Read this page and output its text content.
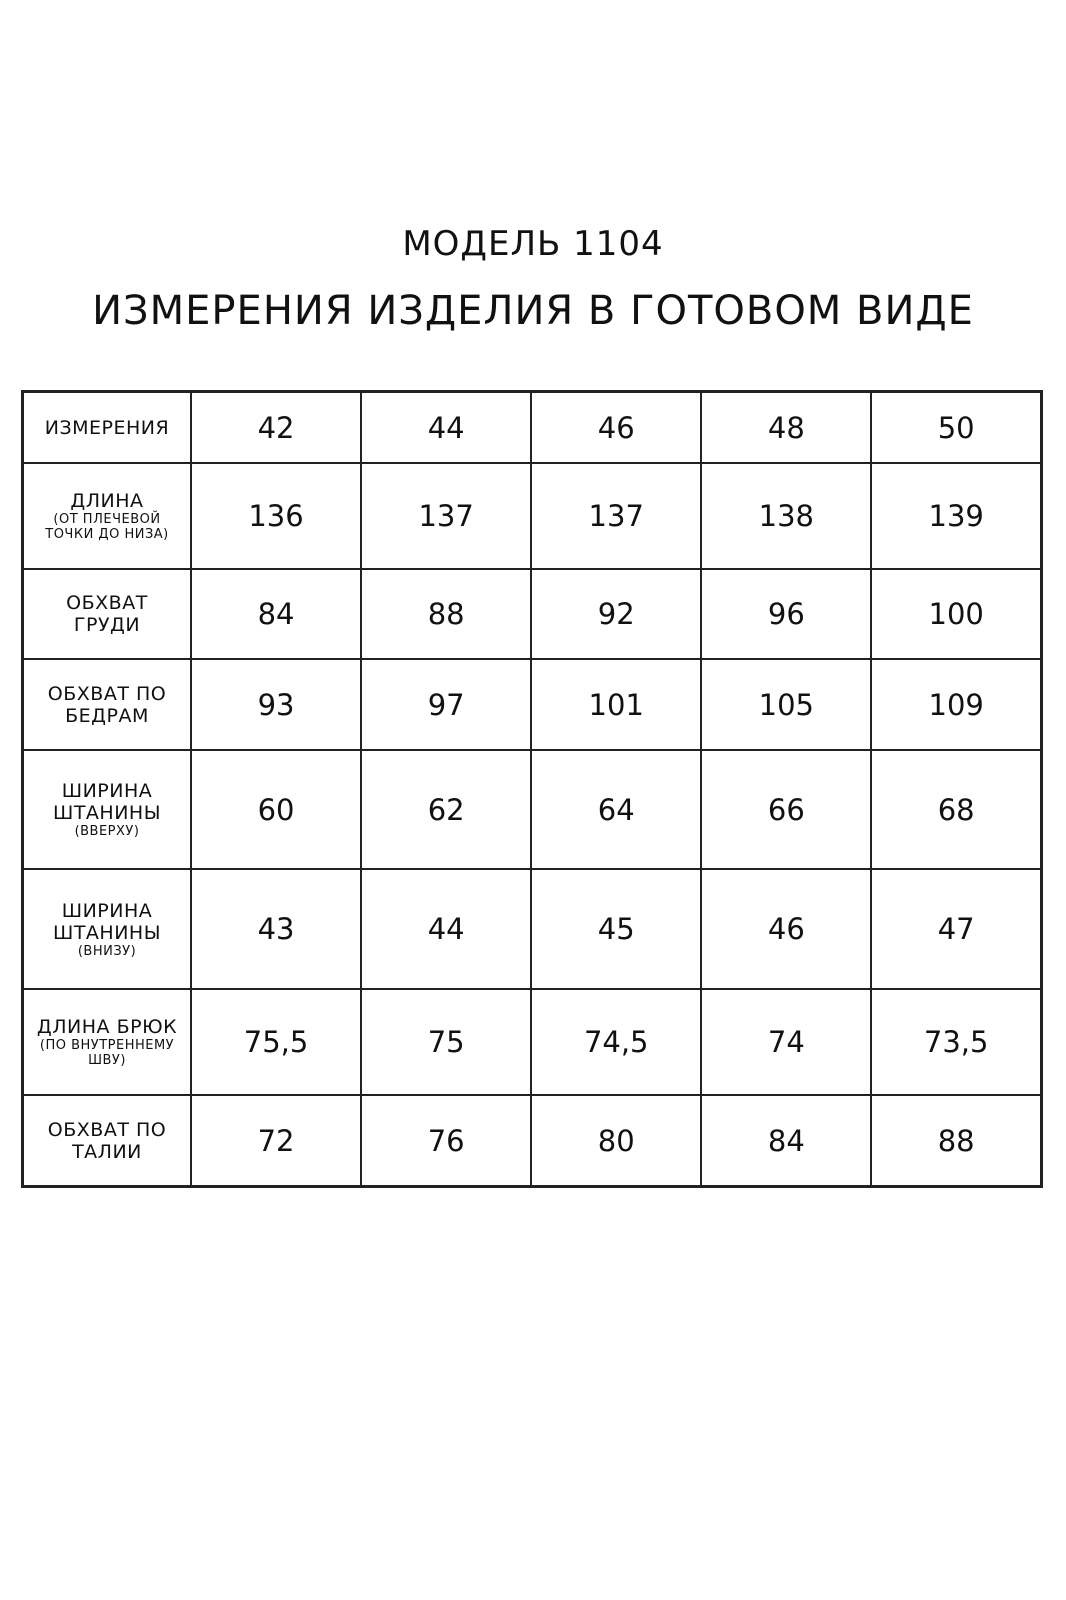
МОДЕЛЬ 1104
ИЗМЕРЕНИЯ ИЗДЕЛИЯ В ГОТОВОМ ВИДЕ
ИЗМЕРЕНИЯ	42	44	46	48	50

ДЛИНА
(ОТ ПЛЕЧЕВОЙ
ТОЧКИ ДО НИЗА)	136	137	137	138	139

ОБХВАТ
ГРУДИ	84	88	92	96	100

ОБХВАТ ПО
БЕДРАМ	93	97	101	105	109

ШИРИНА
ШТАНИНЫ
(ВВЕРХУ)	60	62	64	66	68

ШИРИНА
ШТАНИНЫ
(ВНИЗУ)	43	44	45	46	47

ДЛИНА БРЮК
(ПО ВНУТРЕННЕМУ
ШВУ)	75,5	75	74,5	74	73,5

ОБХВАТ ПО
ТАЛИИ	72	76	80	84	88
